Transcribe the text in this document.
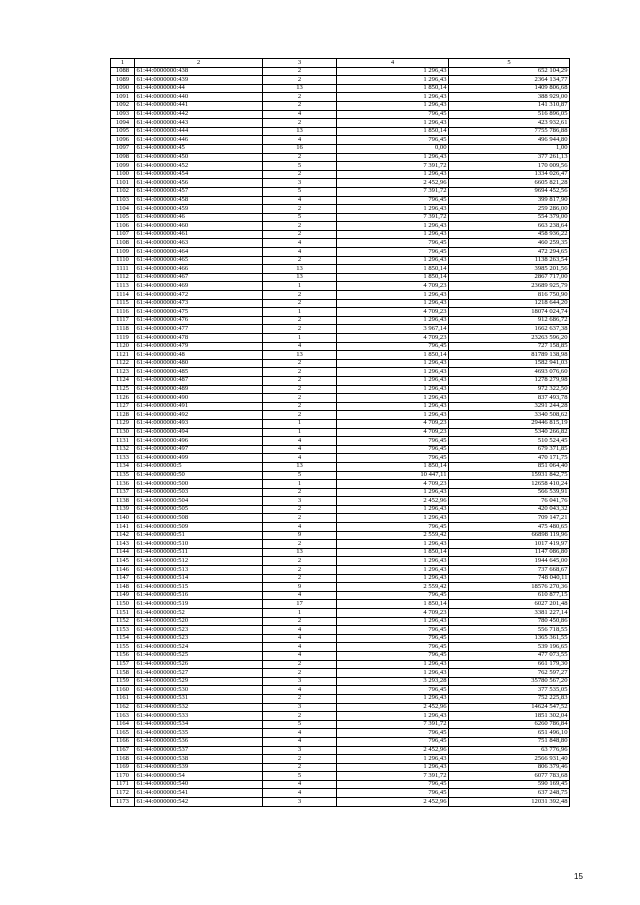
1	2	3	4	5
1088	61:44:0000000:438	2	1 296,43	652 104,29
1089	61:44:0000000:439	2	1 296,43	2364 134,77
1090	61:44:0000000:44	13	1 850,14	1409 806,68
1091	61:44:0000000:440	2	1 296,43	388 929,00
1092	61:44:0000000:441	2	1 296,43	141 310,87
1093	61:44:0000000:442	4	796,45	516 896,05
1094	61:44:0000000:443	2	1 296,43	423 932,61
1095	61:44:0000000:444	13	1 850,14	7755 786,88
1096	61:44:0000000:446	4	796,45	496 944,80
1097	61:44:0000000:45	16	0,00	1,00
1098	61:44:0000000:450	2	1 296,43	377 261,13
1099	61:44:0000000:452	5	7 391,72	170 009,56
1100	61:44:0000000:454	2	1 296,43	1334 026,47
1101	61:44:0000000:456	3	2 452,96	6605 821,28
1102	61:44:0000000:457	5	7 391,72	9694 452,56
1103	61:44:0000000:458	4	796,45	399 817,90
1104	61:44:0000000:459	2	1 296,43	259 286,00
1105	61:44:0000000:46	5	7 391,72	554 379,00
1106	61:44:0000000:460	2	1 296,43	663 238,64
1107	61:44:0000000:461	2	1 296,43	458 936,22
1108	61:44:0000000:463	4	796,45	460 259,35
1109	61:44:0000000:464	4	796,45	472 294,65
1110	61:44:0000000:465	2	1 296,43	1138 263,54
1111	61:44:0000000:466	13	1 850,14	3985 201,56
1112	61:44:0000000:467	13	1 850,14	2867 717,00
1113	61:44:0000000:469	1	4 709,23	23689 925,79
1114	61:44:0000000:472	2	1 296,43	816 750,90
1115	61:44:0000000:473	2	1 296,43	1218 644,20
1116	61:44:0000000:475	1	4 709,23	18074 024,74
1117	61:44:0000000:476	2	1 296,43	912 686,72
1118	61:44:0000000:477	2	3 967,14	1662 637,38
1119	61:44:0000000:478	1	4 709,23	23263 596,20
1120	61:44:0000000:479	4	796,45	727 158,85
1121	61:44:0000000:48	13	1 850,14	81789 138,98
1122	61:44:0000000:480	2	1 296,43	1582 941,03
1123	61:44:0000000:485	2	1 296,43	4693 076,60
1124	61:44:0000000:487	2	1 296,43	1278 279,98
1125	61:44:0000000:489	2	1 296,43	972 322,50
1126	61:44:0000000:490	2	1 296,43	837 493,78
1127	61:44:0000000:491	2	1 296,43	3291 244,28
1128	61:44:0000000:492	2	1 296,43	3340 508,62
1129	61:44:0000000:493	1	4 709,23	29446 815,19
1130	61:44:0000000:494	1	4 709,23	5340 266,82
1131	61:44:0000000:496	4	796,45	510 524,45
1132	61:44:0000000:497	4	796,45	679 371,85
1133	61:44:0000000:499	4	796,45	470 171,75
1134	61:44:0000000:5	13	1 850,14	851 064,40
1135	61:44:0000000:50	5	10 447,11	15931 842,75
1136	61:44:0000000:500	1	4 709,23	12658 410,24
1137	61:44:0000000:503	2	1 296,43	566 539,91
1138	61:44:0000000:504	3	2 452,96	76 041,76
1139	61:44:0000000:505	2	1 296,43	420 043,32
1140	61:44:0000000:508	2	1 296,43	709 147,21
1141	61:44:0000000:509	4	796,45	475 480,65
1142	61:44:0000000:51	9	2 559,42	66898 119,96
1143	61:44:0000000:510	2	1 296,43	1017 419,97
1144	61:44:0000000:511	13	1 850,14	1147 086,80
1145	61:44:0000000:512	2	1 296,43	1944 645,00
1146	61:44:0000000:513	2	1 296,43	737 668,67
1147	61:44:0000000:514	2	1 296,43	748 040,11
1148	61:44:0000000:515	9	2 559,42	18576 270,36
1149	61:44:0000000:516	4	796,45	610 877,15
1150	61:44:0000000:519	17	1 850,14	6027 201,48
1151	61:44:0000000:52	1	4 709,23	3381 227,14
1152	61:44:0000000:520	2	1 296,43	780 450,86
1153	61:44:0000000:523	4	796,45	556 718,55
1154	61:44:0000000:523	4	796,45	1365 361,55
1155	61:44:0000000:524	4	796,45	539 196,65
1156	61:44:0000000:525	4	796,45	477 073,55
1157	61:44:0000000:526	2	1 296,43	661 179,30
1158	61:44:0000000:527	2	1 296,43	762 597,27
1159	61:44:0000000:529	3	3 293,28	35780 567,20
1160	61:44:0000000:530	4	796,45	377 535,05
1161	61:44:0000000:531	2	1 296,43	752 225,83
1162	61:44:0000000:532	3	2 452,96	14624 547,52
1163	61:44:0000000:533	2	1 296,43	1851 302,04
1164	61:44:0000000:534	5	7 391,72	6260 786,84
1165	61:44:0000000:535	4	796,45	651 496,10
1166	61:44:0000000:536	4	796,45	751 848,80
1167	61:44:0000000:537	3	2 452,96	63 776,96
1168	61:44:0000000:538	2	1 296,43	2566 931,40
1169	61:44:0000000:539	2	1 296,43	806 379,46
1170	61:44:0000000:54	5	7 391,72	6077 783,68
1171	61:44:0000000:540	4	796,45	590 169,45
1172	61:44:0000000:541	4	796,45	637 248,75
1173	61:44:0000000:542	3	2 452,96	12031 392,48
15
